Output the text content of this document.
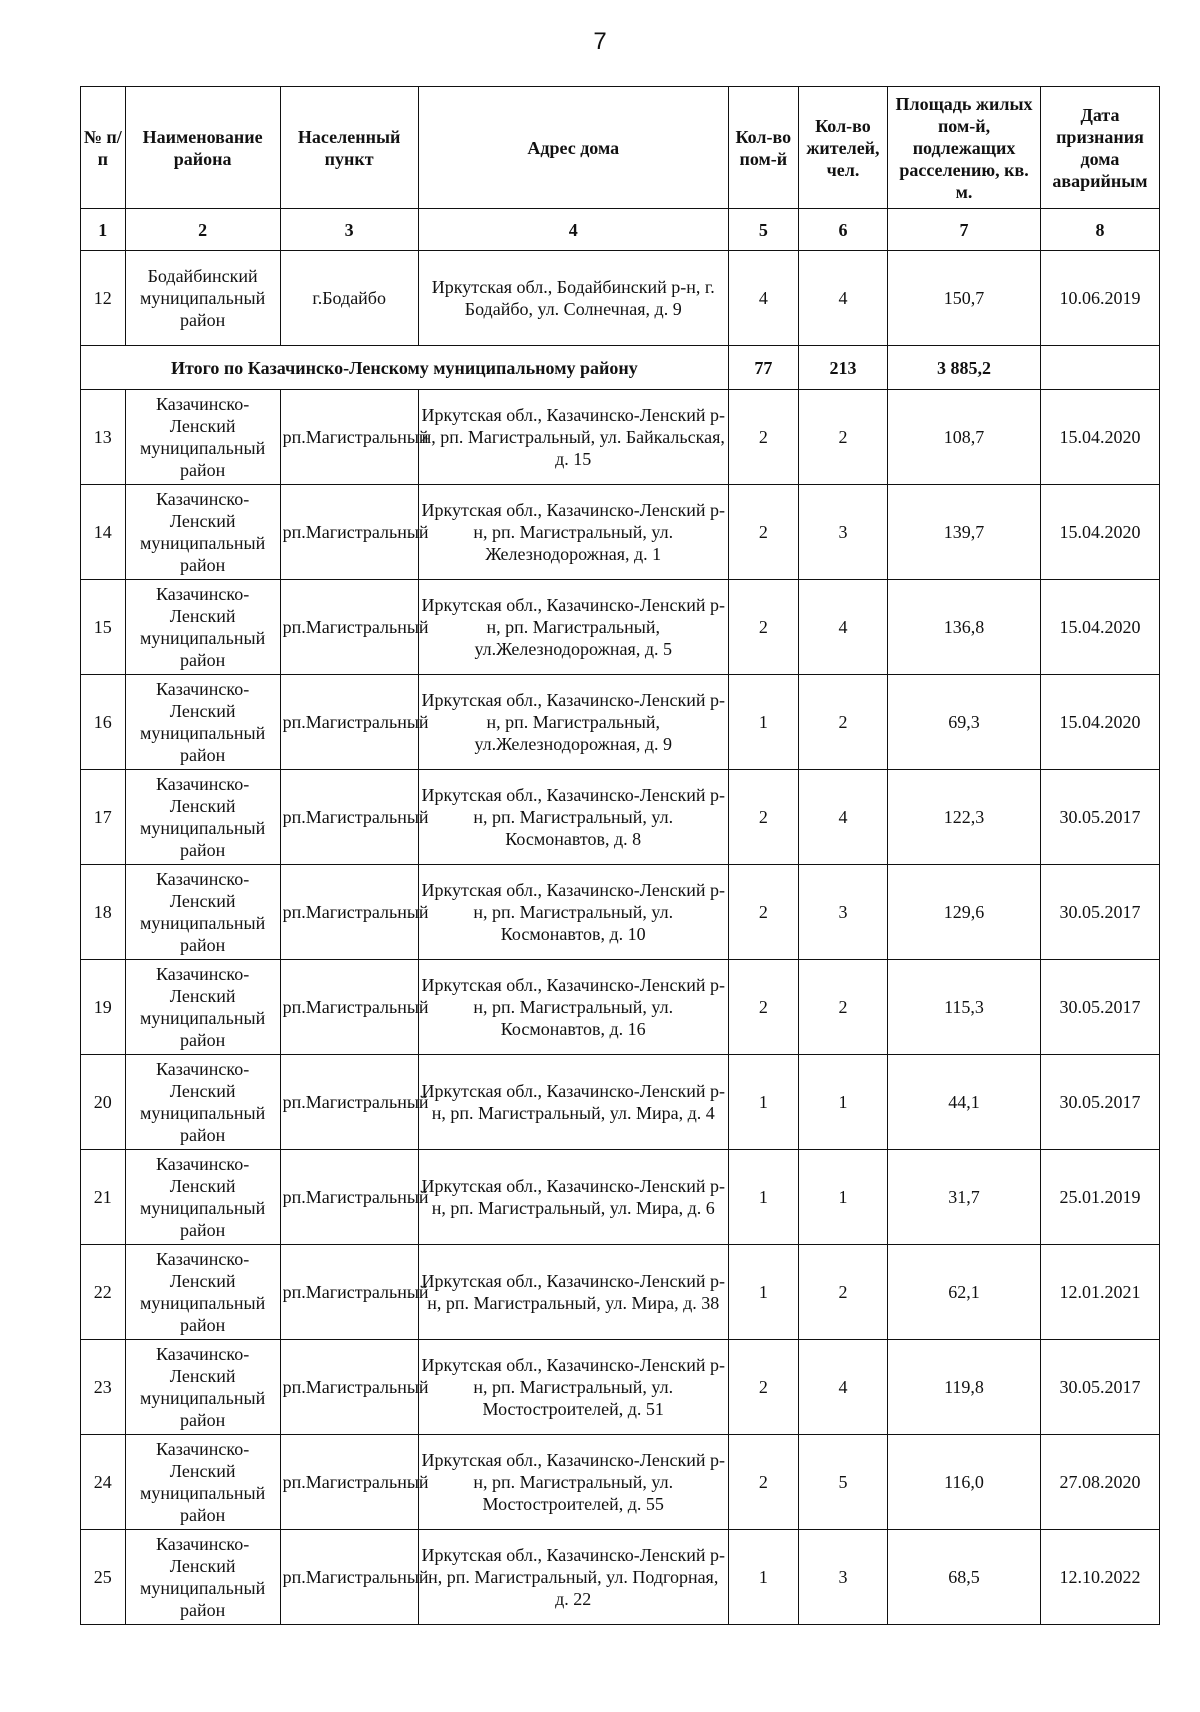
7
№ п/п	Наименование района	Населенный пункт	Адрес дома	Кол-во пом-й	Кол-во жителей, чел.	Площадь жилых пом-й, подлежащих расселению, кв. м.	Дата признания дома аварийным
1	2	3	4	5	6	7	8
12	Бодайбинский муниципальный район	г.Бодайбо	Иркутская обл., Бодайбинский р-н, г. Бодайбо, ул. Солнечная, д. 9	4	4	150,7	10.06.2019
Итого по Казачинско-Ленскому муниципальному району				77	213	3 885,2	
13	Казачинско-Ленский муниципальный район	рп.Магистральный	Иркутская обл., Казачинско-Ленский р-н, рп. Магистральный, ул. Байкальская, д. 15	2	2	108,7	15.04.2020
14	Казачинско-Ленский муниципальный район	рп.Магистральный	Иркутская обл., Казачинско-Ленский р-н, рп. Магистральный, ул. Железнодорожная, д. 1	2	3	139,7	15.04.2020
15	Казачинско-Ленский муниципальный район	рп.Магистральный	Иркутская обл., Казачинско-Ленский р-н, рп. Магистральный, ул.Железнодорожная, д. 5	2	4	136,8	15.04.2020
16	Казачинско-Ленский муниципальный район	рп.Магистральный	Иркутская обл., Казачинско-Ленский р-н, рп. Магистральный, ул.Железнодорожная, д. 9	1	2	69,3	15.04.2020
17	Казачинско-Ленский муниципальный район	рп.Магистральный	Иркутская обл., Казачинско-Ленский р-н, рп. Магистральный, ул. Космонавтов, д. 8	2	4	122,3	30.05.2017
18	Казачинско-Ленский муниципальный район	рп.Магистральный	Иркутская обл., Казачинско-Ленский р-н, рп. Магистральный, ул. Космонавтов, д. 10	2	3	129,6	30.05.2017
19	Казачинско-Ленский муниципальный район	рп.Магистральный	Иркутская обл., Казачинско-Ленский р-н, рп. Магистральный, ул. Космонавтов, д. 16	2	2	115,3	30.05.2017
20	Казачинско-Ленский муниципальный район	рп.Магистральный	Иркутская обл., Казачинско-Ленский р-н, рп. Магистральный, ул. Мира, д. 4	1	1	44,1	30.05.2017
21	Казачинско-Ленский муниципальный район	рп.Магистральный	Иркутская обл., Казачинско-Ленский р-н, рп. Магистральный, ул. Мира, д. 6	1	1	31,7	25.01.2019
22	Казачинско-Ленский муниципальный район	рп.Магистральный	Иркутская обл., Казачинско-Ленский р-н, рп. Магистральный, ул. Мира, д. 38	1	2	62,1	12.01.2021
23	Казачинско-Ленский муниципальный район	рп.Магистральный	Иркутская обл., Казачинско-Ленский р-н, рп. Магистральный, ул. Мостостроителей, д. 51	2	4	119,8	30.05.2017
24	Казачинско-Ленский муниципальный район	рп.Магистральный	Иркутская обл., Казачинско-Ленский р-н, рп. Магистральный, ул. Мостостроителей, д. 55	2	5	116,0	27.08.2020
25	Казачинско-Ленский муниципальный район	рп.Магистральный	Иркутская обл., Казачинско-Ленский р-н, рп. Магистральный, ул. Подгорная, д. 22	1	3	68,5	12.10.2022
